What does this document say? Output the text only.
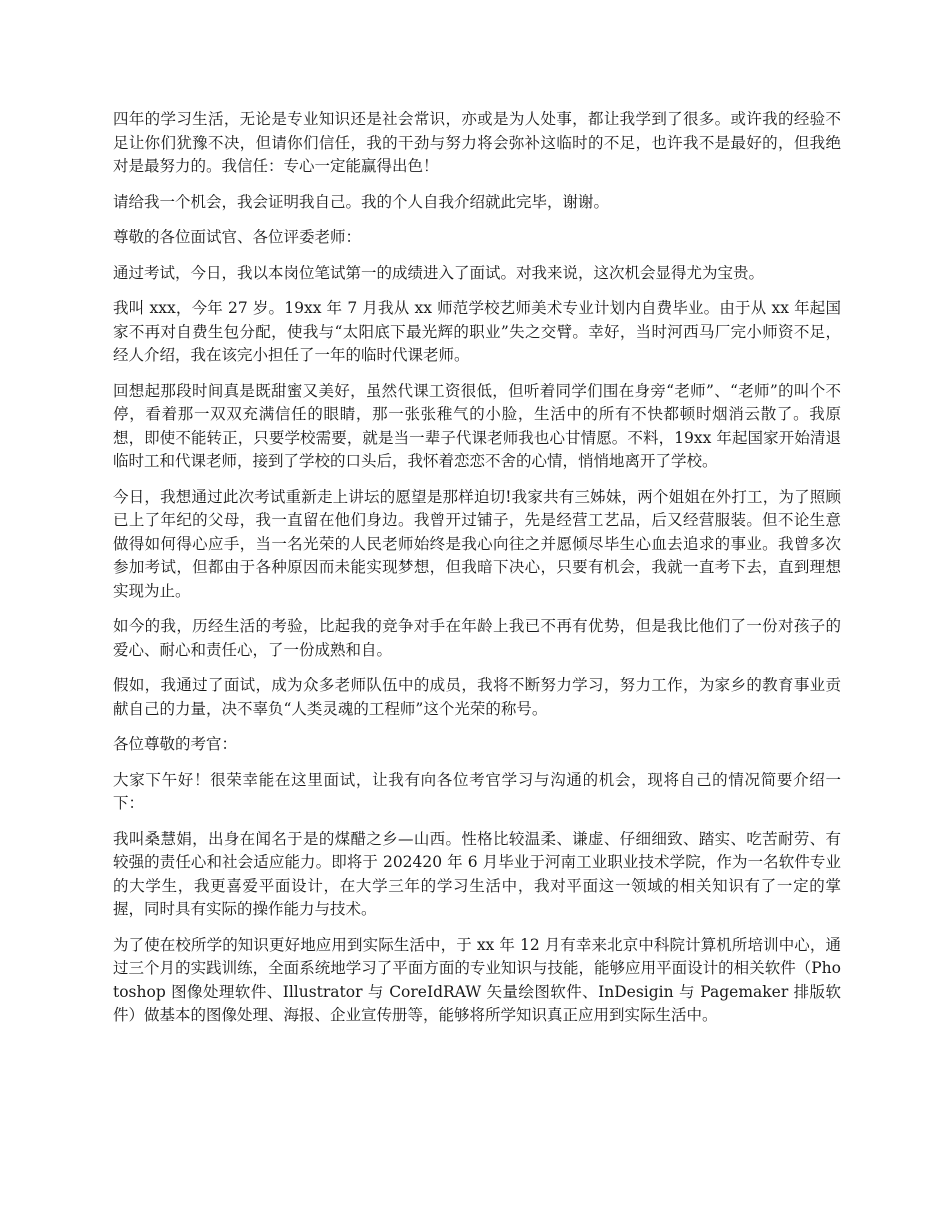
四年的学习生活，无论是专业知识还是社会常识，亦或是为人处事，都让我学到了很多。或许我的经验不足让你们犹豫不决，但请你们信任，我的干劲与努力将会弥补这临时的不足，也许我不是最好的，但我绝对是最努力的。我信任：专心一定能赢得出色！

请给我一个机会，我会证明我自己。我的个人自我介绍就此完毕，谢谢。

尊敬的各位面试官、各位评委老师：

通过考试，今日，我以本岗位笔试第一的成绩进入了面试。对我来说，这次机会显得尤为宝贵。

我叫 xxx，今年 27 岁。19xx 年 7 月我从 xx 师范学校艺师美术专业计划内自费毕业。由于从 xx 年起国家不再对自费生包分配，使我与“太阳底下最光辉的职业”失之交臂。幸好，当时河西马厂完小师资不足，经人介绍，我在该完小担任了一年的临时代课老师。

回想起那段时间真是既甜蜜又美好，虽然代课工资很低，但听着同学们围在身旁“老师”、“老师”的叫个不停，看着那一双双充满信任的眼睛，那一张张稚气的小脸，生活中的所有不快都顿时烟消云散了。我原想，即使不能转正，只要学校需要，就是当一辈子代课老师我也心甘情愿。不料，19xx 年起国家开始清退临时工和代课老师，接到了学校的口头后，我怀着恋恋不舍的心情，悄悄地离开了学校。

今日，我想通过此次考试重新走上讲坛的愿望是那样迫切!我家共有三姊妹，两个姐姐在外打工，为了照顾已上了年纪的父母，我一直留在他们身边。我曾开过铺子，先是经营工艺品，后又经营服装。但不论生意做得如何得心应手，当一名光荣的人民老师始终是我心向往之并愿倾尽毕生心血去追求的事业。我曾多次参加考试，但都由于各种原因而未能实现梦想，但我暗下决心，只要有机会，我就一直考下去，直到理想实现为止。

如今的我，历经生活的考验，比起我的竞争对手在年龄上我已不再有优势，但是我比他们了一份对孩子的爱心、耐心和责任心，了一份成熟和自。

假如，我通过了面试，成为众多老师队伍中的成员，我将不断努力学习，努力工作，为家乡的教育事业贡献自己的力量，决不辜负“人类灵魂的工程师”这个光荣的称号。

各位尊敬的考官：

大家下午好！很荣幸能在这里面试，让我有向各位考官学习与沟通的机会，现将自己的情况简要介绍一下：

我叫桑慧娟，出身在闻名于是的煤醋之乡—山西。性格比较温柔、谦虚、仔细细致、踏实、吃苦耐劳、有较强的责任心和社会适应能力。即将于 202420 年 6 月毕业于河南工业职业技术学院，作为一名软件专业的大学生，我更喜爱平面设计，在大学三年的学习生活中，我对平面这一领域的相关知识有了一定的掌握，同时具有实际的操作能力与技术。

为了使在校所学的知识更好地应用到实际生活中，于 xx 年 12 月有幸来北京中科院计算机所培训中心，通过三个月的实践训练，全面系统地学习了平面方面的专业知识与技能，能够应用平面设计的相关软件（Photoshop 图像处理软件、Illustrator 与 CoreIdRAW 矢量绘图软件、InDesigin 与 Pagemaker 排版软件）做基本的图像处理、海报、企业宣传册等，能够将所学知识真正应用到实际生活中。
